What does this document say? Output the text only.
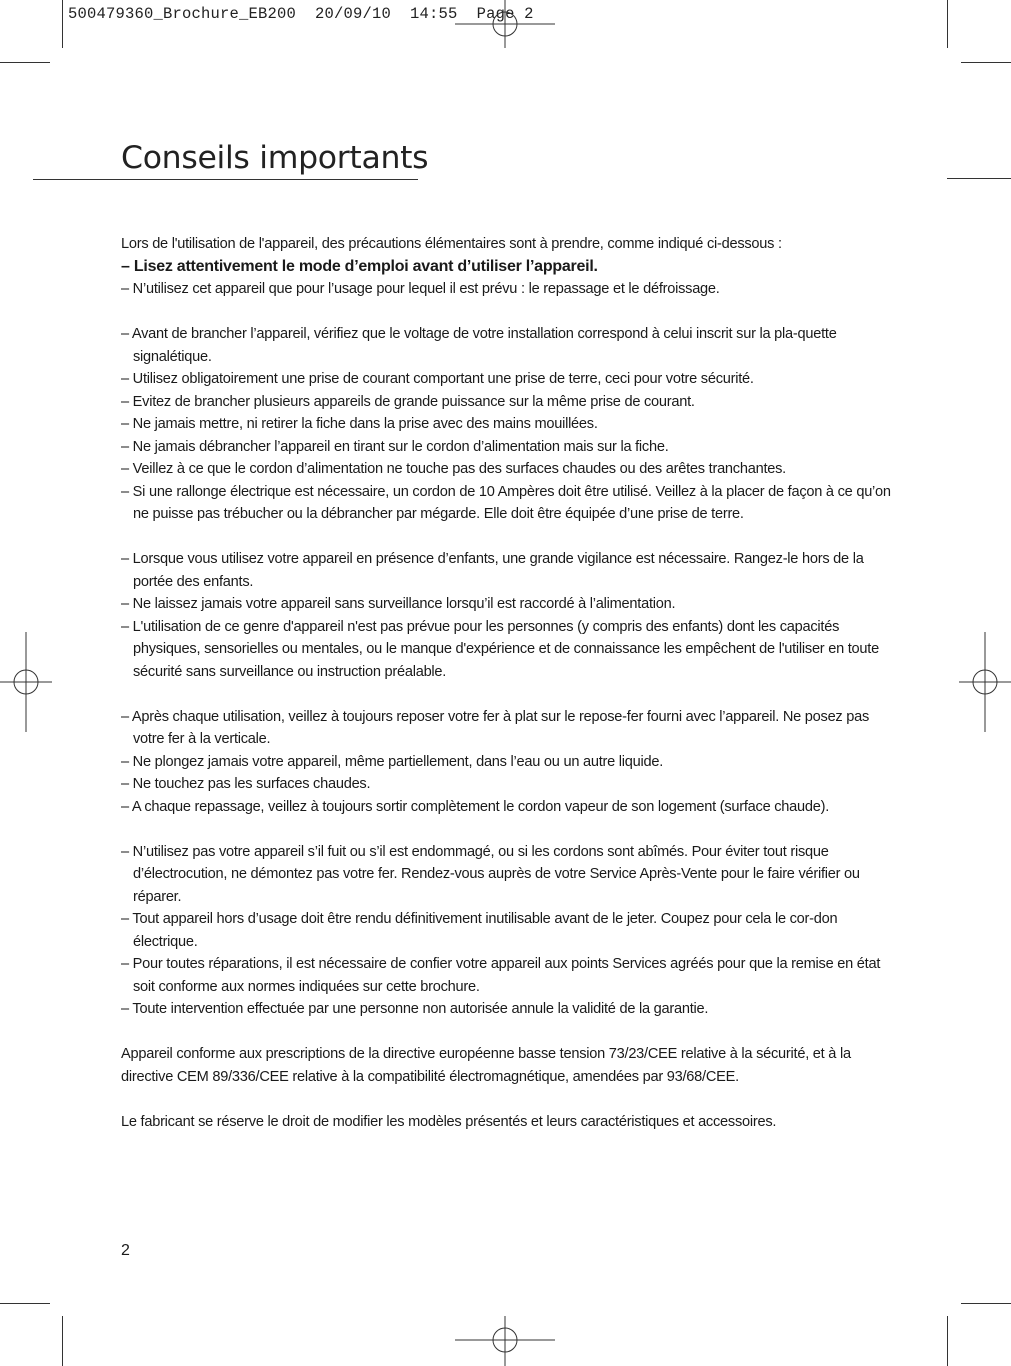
500479360_Brochure_EB200  20/09/10  14:55  Page 2
Conseils importants

Lors de l'utilisation de l'appareil, des précautions élémentaires sont à prendre, comme indiqué ci-dessous :

– Lisez attentivement le mode d’emploi avant d’utiliser l’appareil.

– N’utilisez cet appareil que pour l’usage pour lequel il est prévu : le repassage et le défroissage.

– Avant de brancher l’appareil, vérifiez que le voltage de votre installation correspond à celui inscrit sur la pla-quette signalétique.

– Utilisez obligatoirement une prise de courant comportant une prise de terre, ceci pour votre sécurité.

– Evitez de brancher plusieurs appareils de grande puissance sur la même prise de courant.

– Ne jamais mettre, ni retirer la fiche dans la prise avec des mains mouillées.

– Ne jamais débrancher l’appareil en tirant sur le cordon d’alimentation mais sur la fiche.

– Veillez à ce que le cordon d’alimentation ne touche pas des surfaces chaudes ou des arêtes tranchantes.

– Si une rallonge électrique est nécessaire, un cordon de 10 Ampères doit être utilisé. Veillez à la placer de façon à ce qu’on ne puisse pas trébucher ou la débrancher par mégarde. Elle doit être équipée d’une prise de terre.

– Lorsque vous utilisez votre appareil en présence d’enfants, une grande vigilance est nécessaire. Rangez-le hors de la portée des enfants.

– Ne laissez jamais votre appareil sans surveillance lorsqu’il est raccordé à l’alimentation.

– L'utilisation de ce genre d'appareil n'est pas prévue pour les personnes (y compris des enfants) dont les capacités physiques, sensorielles ou mentales, ou le manque d'expérience et de connaissance les empêchent de l'utiliser en toute sécurité sans surveillance ou instruction préalable.

– Après chaque utilisation, veillez à toujours reposer votre fer à plat sur le repose-fer fourni avec l’appareil. Ne posez pas votre fer à la verticale.

– Ne plongez jamais votre appareil, même partiellement, dans l’eau ou un autre liquide.

– Ne touchez pas les surfaces chaudes.

– A chaque repassage, veillez à toujours sortir complètement le cordon vapeur de son logement (surface chaude).

– N’utilisez pas votre appareil s’il fuit ou s’il est endommagé, ou si les cordons sont abîmés. Pour éviter tout risque d’électrocution, ne démontez pas votre fer. Rendez-vous auprès de votre Service Après-Vente pour le faire vérifier ou réparer.

– Tout appareil hors d’usage doit être rendu définitivement inutilisable avant de le jeter. Coupez pour cela le cor-don électrique.

– Pour toutes réparations, il est nécessaire de confier votre appareil aux points Services agréés pour que la remise en état soit conforme aux normes indiquées sur cette brochure.

– Toute intervention effectuée par une personne non autorisée annule la validité de la garantie.

Appareil conforme aux prescriptions de la directive européenne basse tension 73/23/CEE relative à la sécurité, et à la directive CEM 89/336/CEE relative à la compatibilité électromagnétique, amendées par 93/68/CEE.

Le fabricant se réserve le droit de modifier les modèles présentés et leurs caractéristiques et accessoires.

2
